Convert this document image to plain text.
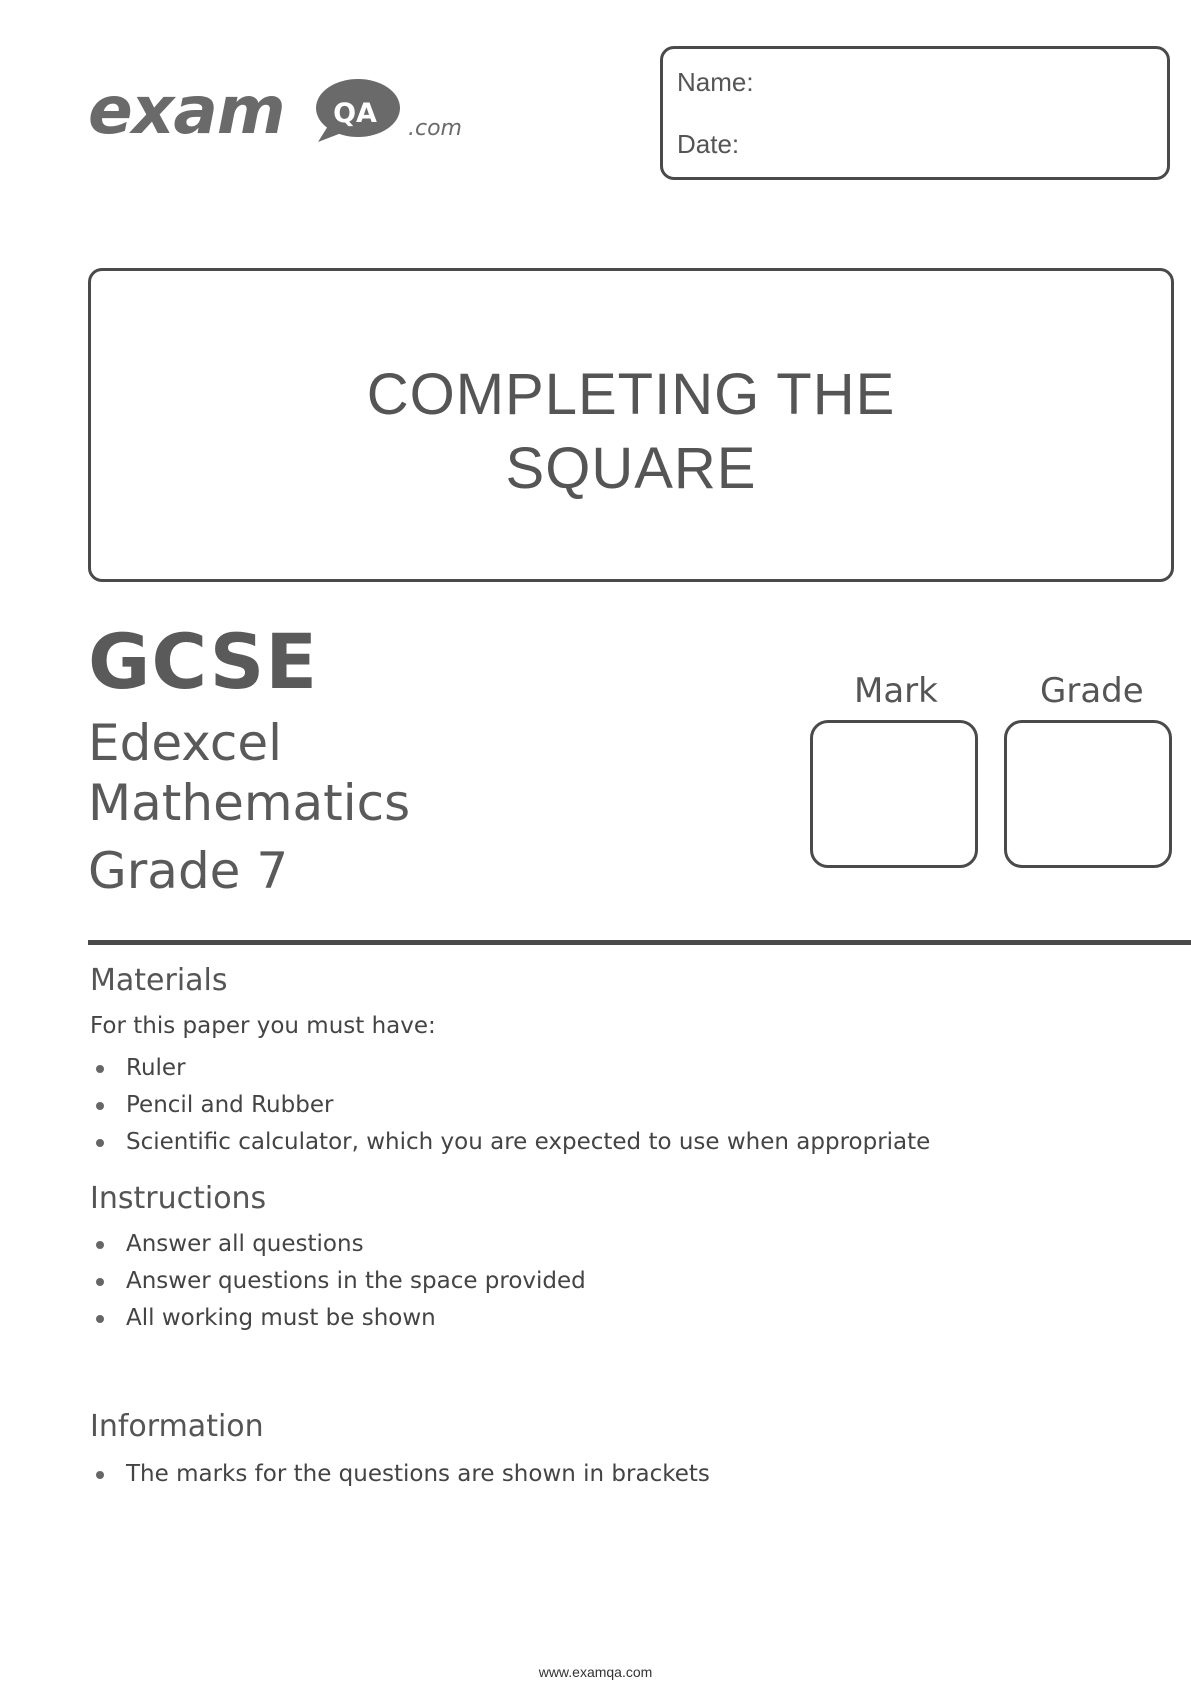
exam	QA	.com
Name:
Date:
COMPLETING THE
SQUARE
GCSE
Edexcel
Mathematics
Grade 7
Mark	Grade
Materials
For this paper you must have:
Ruler
Pencil and Rubber
Scientific calculator, which you are expected to use when appropriate
Instructions
Answer all questions
Answer questions in the space provided
All working must be shown
Information
The marks for the questions are shown in brackets
www.examqa.com
